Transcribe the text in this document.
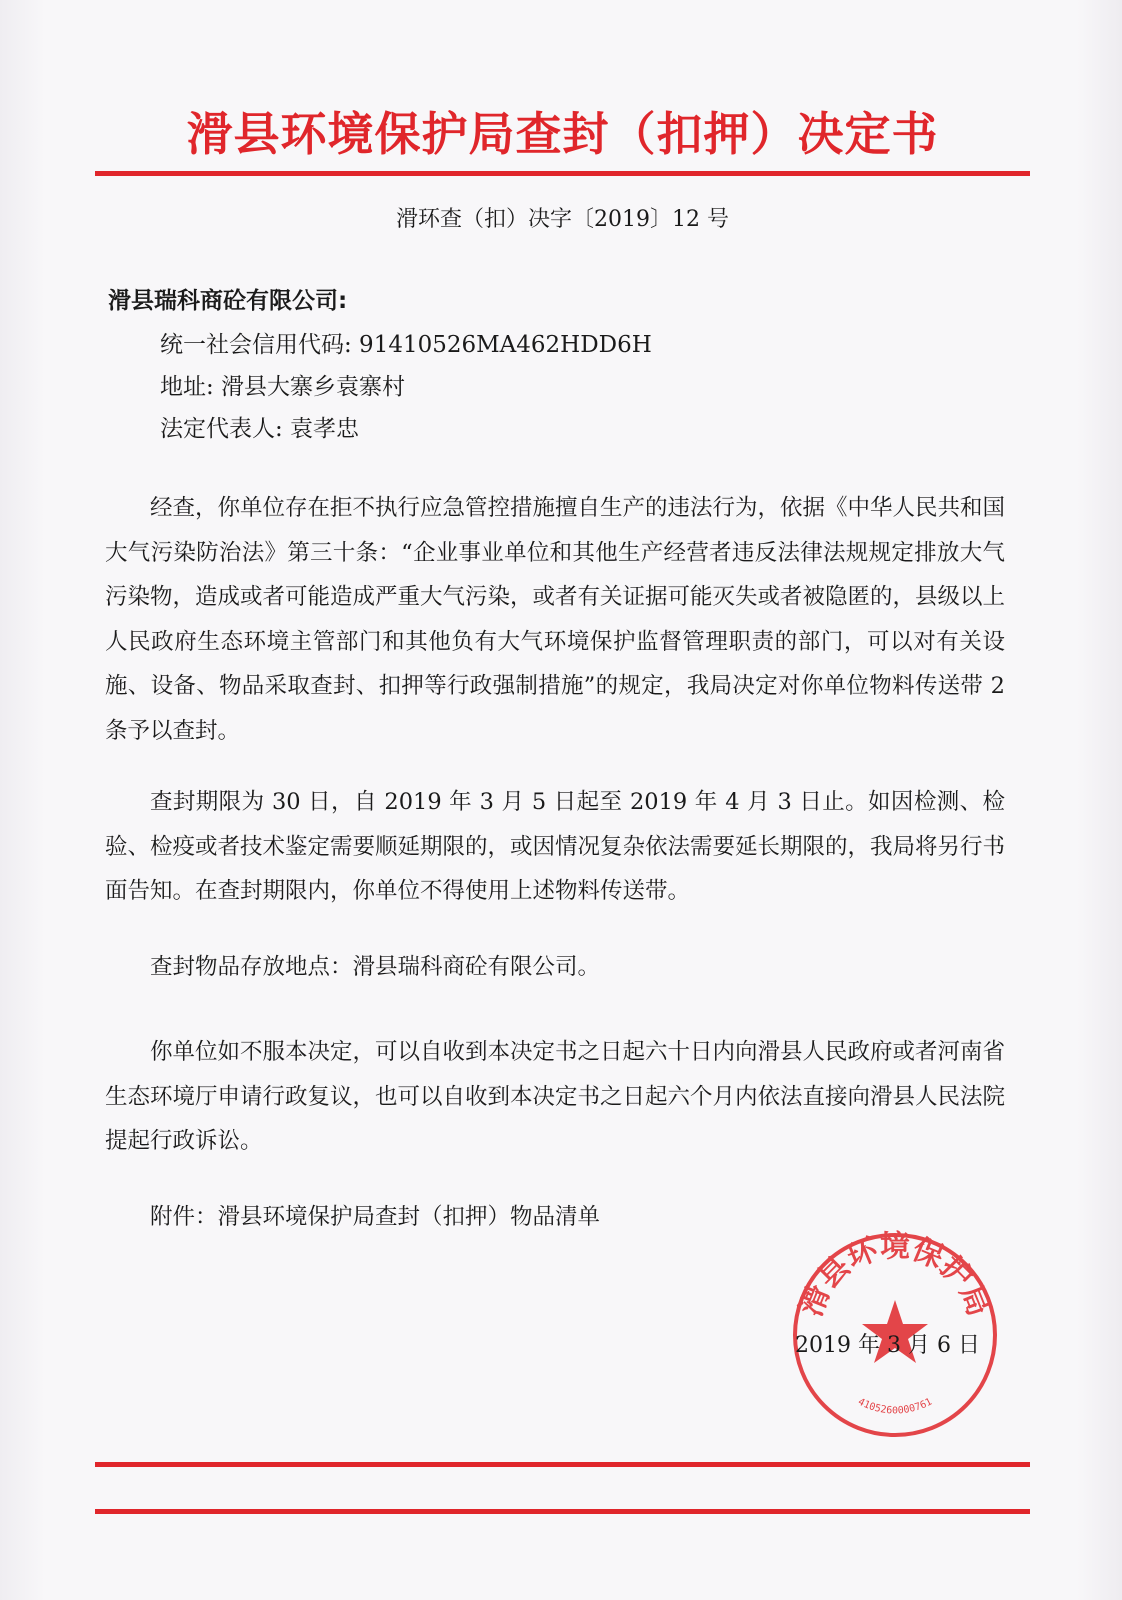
滑县环境保护局查封（扣押）决定书
滑环查（扣）决字〔2019〕12 号
滑县瑞科商砼有限公司:
统一社会信用代码: 91410526MA462HDD6H
地址: 滑县大寨乡袁寨村
法定代表人: 袁孝忠
经查，你单位存在拒不执行应急管控措施擅自生产的违法行为，依据《中华人民共和国大气污染防治法》第三十条：“企业事业单位和其他生产经营者违反法律法规规定排放大气污染物，造成或者可能造成严重大气污染，或者有关证据可能灭失或者被隐匿的，县级以上人民政府生态环境主管部门和其他负有大气环境保护监督管理职责的部门，可以对有关设施、设备、物品采取查封、扣押等行政强制措施”的规定，我局决定对你单位物料传送带 2 条予以查封。
查封期限为 30 日，自 2019 年 3 月 5 日起至 2019 年 4 月 3 日止。如因检测、检验、检疫或者技术鉴定需要顺延期限的，或因情况复杂依法需要延长期限的，我局将另行书面告知。在查封期限内，你单位不得使用上述物料传送带。
查封物品存放地点：滑县瑞科商砼有限公司。
你单位如不服本决定，可以自收到本决定书之日起六十日内向滑县人民政府或者河南省生态环境厅申请行政复议，也可以自收到本决定书之日起六个月内依法直接向滑县人民法院提起行政诉讼。
附件：滑县环境保护局查封（扣押）物品清单
滑县环境保护局
4105260000761
2019 年 3 月 6 日
